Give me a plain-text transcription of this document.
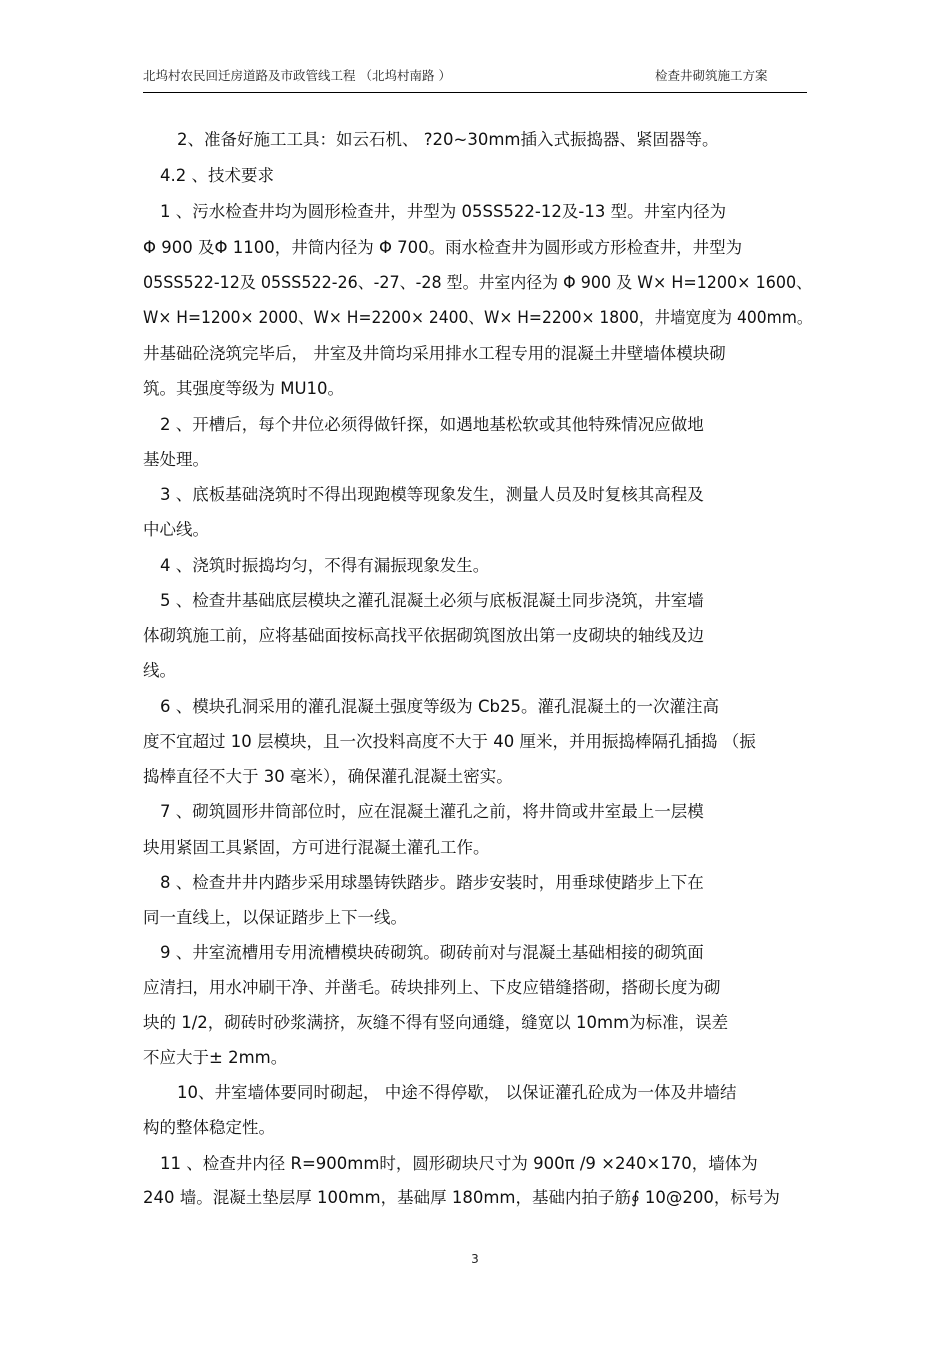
北坞村农民回迁房道路及市政管线工程 （北坞村南路 ）	检查井砌筑施工方案
2、准备好施工工具：如云石机、 ?20~30mm插入式振捣器、紧固器等。
4.2 、技术要求
1 、污水检查井均为圆形检查井，井型为 05SS522-12及-13 型。井室内径为
Φ 900 及Φ 1100，井筒内径为 Φ 700。雨水检查井为圆形或方形检查井，井型为
05SS522-12及 05SS522-26、-27、-28 型。井室内径为 Φ 900 及 W× H=1200× 1600、
W× H=1200× 2000、W× H=2200× 2400、W× H=2200× 1800，井墙宽度为 400mm。
井基础砼浇筑完毕后， 井室及井筒均采用排水工程专用的混凝土井壁墙体模块砌
筑。其强度等级为 MU10。
2 、开槽后，每个井位必须得做钎探，如遇地基松软或其他特殊情况应做地
基处理。
3 、底板基础浇筑时不得出现跑模等现象发生，测量人员及时复核其高程及
中心线。
4 、浇筑时振捣均匀，不得有漏振现象发生。
5 、检查井基础底层模块之灌孔混凝土必须与底板混凝土同步浇筑，井室墙
体砌筑施工前，应将基础面按标高找平依据砌筑图放出第一皮砌块的轴线及边
线。
6 、模块孔洞采用的灌孔混凝土强度等级为 Cb25。灌孔混凝土的一次灌注高
度不宜超过 10 层模块，且一次投料高度不大于 40 厘米，并用振捣棒隔孔插捣 （振
捣棒直径不大于 30 毫米），确保灌孔混凝土密实。
7 、砌筑圆形井筒部位时，应在混凝土灌孔之前，将井筒或井室最上一层模
块用紧固工具紧固，方可进行混凝土灌孔工作。
8 、检查井井内踏步采用球墨铸铁踏步。踏步安装时，用垂球使踏步上下在
同一直线上，以保证踏步上下一线。
9 、井室流槽用专用流槽模块砖砌筑。砌砖前对与混凝土基础相接的砌筑面
应清扫，用水冲刷干净、并凿毛。砖块排列上、下皮应错缝搭砌，搭砌长度为砌
块的 1/2，砌砖时砂浆满挤，灰缝不得有竖向通缝，缝宽以 10mm为标准，误差
不应大于± 2mm。
10、井室墙体要同时砌起， 中途不得停歇， 以保证灌孔砼成为一体及井墙结
构的整体稳定性。
11 、检查井内径 R=900mm时，圆形砌块尺寸为 900π /9 ×240×170，墙体为
240 墙。混凝土垫层厚 100mm，基础厚 180mm，基础内拍子筋∮ 10@200，标号为
3
